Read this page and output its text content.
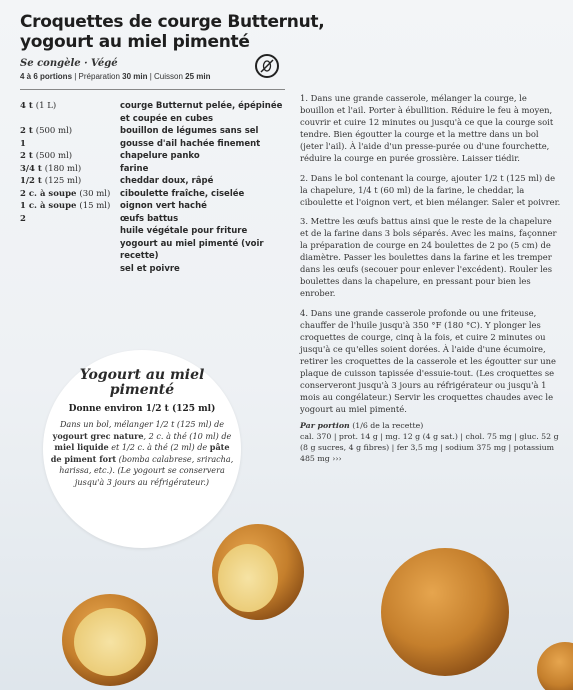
Croquettes de courge Butternut, yogourt au miel pimenté
Se congèle · Végé
4 à 6 portions | Préparation 30 min | Cuisson 25 min
4 t (1 L)	courge Butternut pelée, épépinée et coupée en cubes
2 t (500 ml)	bouillon de légumes sans sel
1	gousse d'ail hachée finement
2 t (500 ml)	chapelure panko
3/4 t (180 ml)	farine
1/2 t (125 ml)	cheddar doux, râpé
2 c. à soupe (30 ml)	ciboulette fraîche, ciselée
1 c. à soupe (15 ml)	oignon vert haché
2	œufs battus
huile végétale pour friture
yogourt au miel pimenté (voir recette)
sel et poivre

1. Dans une grande casserole, mélanger la courge, le bouillon et l'ail. Porter à ébullition. Réduire le feu à moyen, couvrir et cuire 12 minutes ou jusqu'à ce que la courge soit tendre. Bien égoutter la courge et la mettre dans un bol (jeter l'ail). À l'aide d'un presse-purée ou d'une fourchette, réduire la courge en purée grossière. Laisser tiédir.

2. Dans le bol contenant la courge, ajouter 1/2 t (125 ml) de la chapelure, 1/4 t (60 ml) de la farine, le cheddar, la ciboulette et l'oignon vert, et bien mélanger. Saler et poivrer.

3. Mettre les œufs battus ainsi que le reste de la chapelure et de la farine dans 3 bols séparés. Avec les mains, façonner la préparation de courge en 24 boulettes de 2 po (5 cm) de diamètre. Passer les boulettes dans la farine et les tremper dans les œufs (secouer pour enlever l'excédent). Rouler les boulettes dans la chapelure, en pressant pour bien les enrober.

4. Dans une grande casserole profonde ou une friteuse, chauffer de l'huile jusqu'à 350 °F (180 °C). Y plonger les croquettes de courge, cinq à la fois, et cuire 2 minutes ou jusqu'à ce qu'elles soient dorées. À l'aide d'une écumoire, retirer les croquettes de la casserole et les égoutter sur une plaque de cuisson tapissée d'essuie-tout. (Les croquettes se conserveront jusqu'à 3 jours au réfrigérateur ou jusqu'à 1 mois au congélateur.) Servir les croquettes chaudes avec le yogourt au miel pimenté.

Par portion (1/6 de la recette)
cal. 370 | prot. 14 g | mg. 12 g (4 g sat.) | chol. 75 mg | gluc. 52 g
(8 g sucres, 4 g fibres) | fer 3,5 mg | sodium 375 mg | potassium
485 mg ›››
Yogourt au miel pimenté
Donne environ 1/2 t (125 ml)
Dans un bol, mélanger 1/2 t (125 ml) de yogourt grec nature, 2 c. à thé (10 ml) de miel liquide et 1/2 c. à thé (2 ml) de pâte de piment fort (bomba calabrese, sriracha, harissa, etc.). (Le yogourt se conservera jusqu'à 3 jours au réfrigérateur.)
